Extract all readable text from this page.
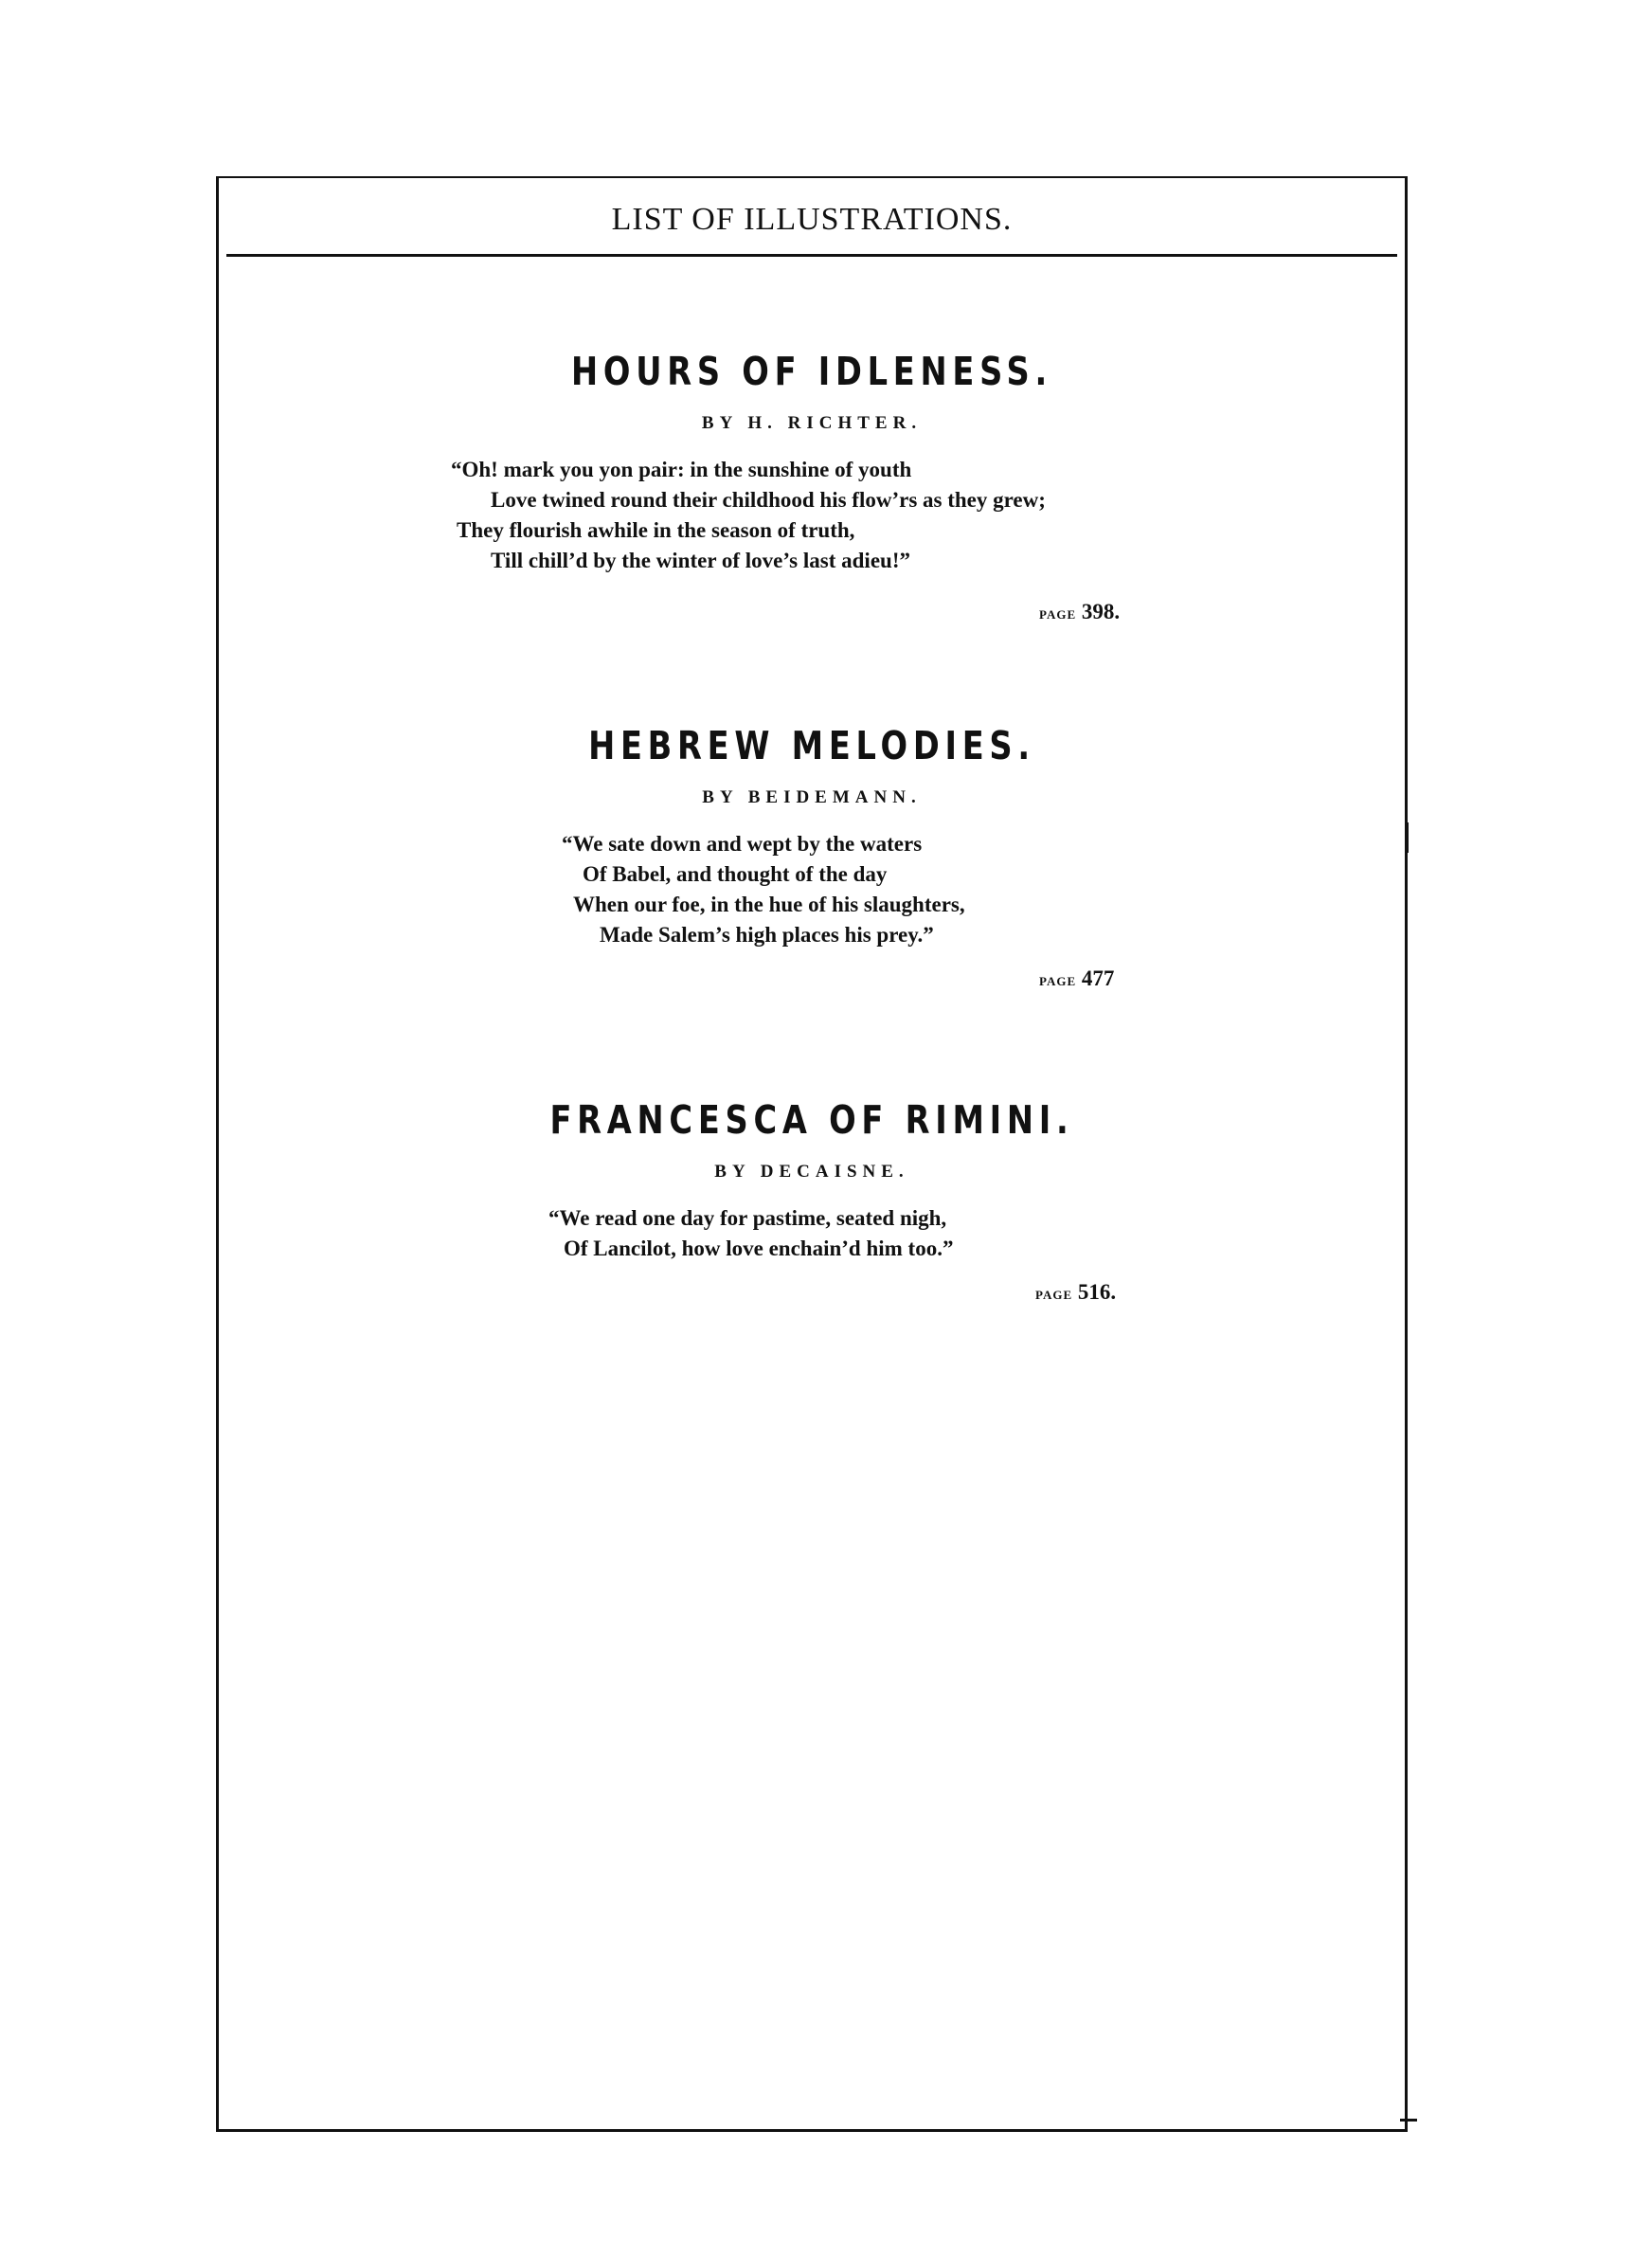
LIST OF ILLUSTRATIONS.
HOURS OF IDLENESS.
BY H. RICHTER.
“Oh! mark you yon pair: in the sunshine of youth
Love twined round their childhood his flow’rs as they grew;
They flourish awhile in the season of truth,
Till chill’d by the winter of love’s last adieu!”
PAGE 398.
HEBREW MELODIES.
BY BEIDEMANN.
“We sate down and wept by the waters
Of Babel, and thought of the day
When our foe, in the hue of his slaughters,
Made Salem’s high places his prey.”
PAGE 477
FRANCESCA OF RIMINI.
BY DECAISNE.
“We read one day for pastime, seated nigh,
Of Lancilot, how love enchain’d him too.”
PAGE 516.
